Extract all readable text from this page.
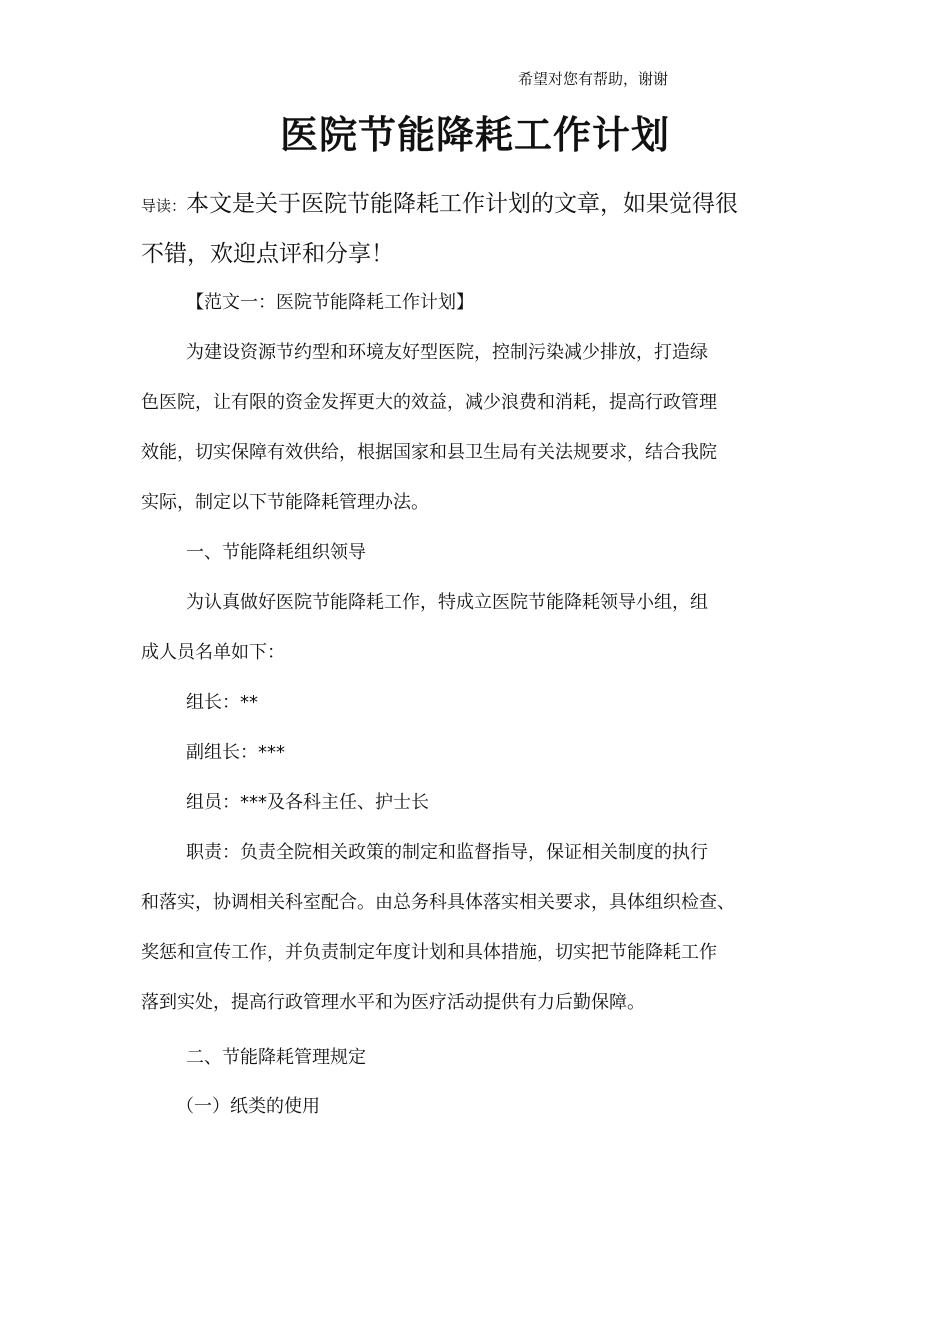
希望对您有帮助，谢谢
医院节能降耗工作计划
导读：本文是关于医院节能降耗工作计划的文章，如果觉得很
不错，欢迎点评和分享！
【范文一：医院节能降耗工作计划】
为建设资源节约型和环境友好型医院，控制污染减少排放，打造绿
色医院，让有限的资金发挥更大的效益，减少浪费和消耗，提高行政管理
效能，切实保障有效供给，根据国家和县卫生局有关法规要求，结合我院
实际，制定以下节能降耗管理办法。
一、节能降耗组织领导
为认真做好医院节能降耗工作，特成立医院节能降耗领导小组，组
成人员名单如下：
组长：**
副组长：***
组员：***及各科主任、护士长
职责：负责全院相关政策的制定和监督指导，保证相关制度的执行
和落实，协调相关科室配合。由总务科具体落实相关要求，具体组织检查、
奖惩和宣传工作，并负责制定年度计划和具体措施，切实把节能降耗工作
落到实处，提高行政管理水平和为医疗活动提供有力后勤保障。
二、节能降耗管理规定
（一）纸类的使用
